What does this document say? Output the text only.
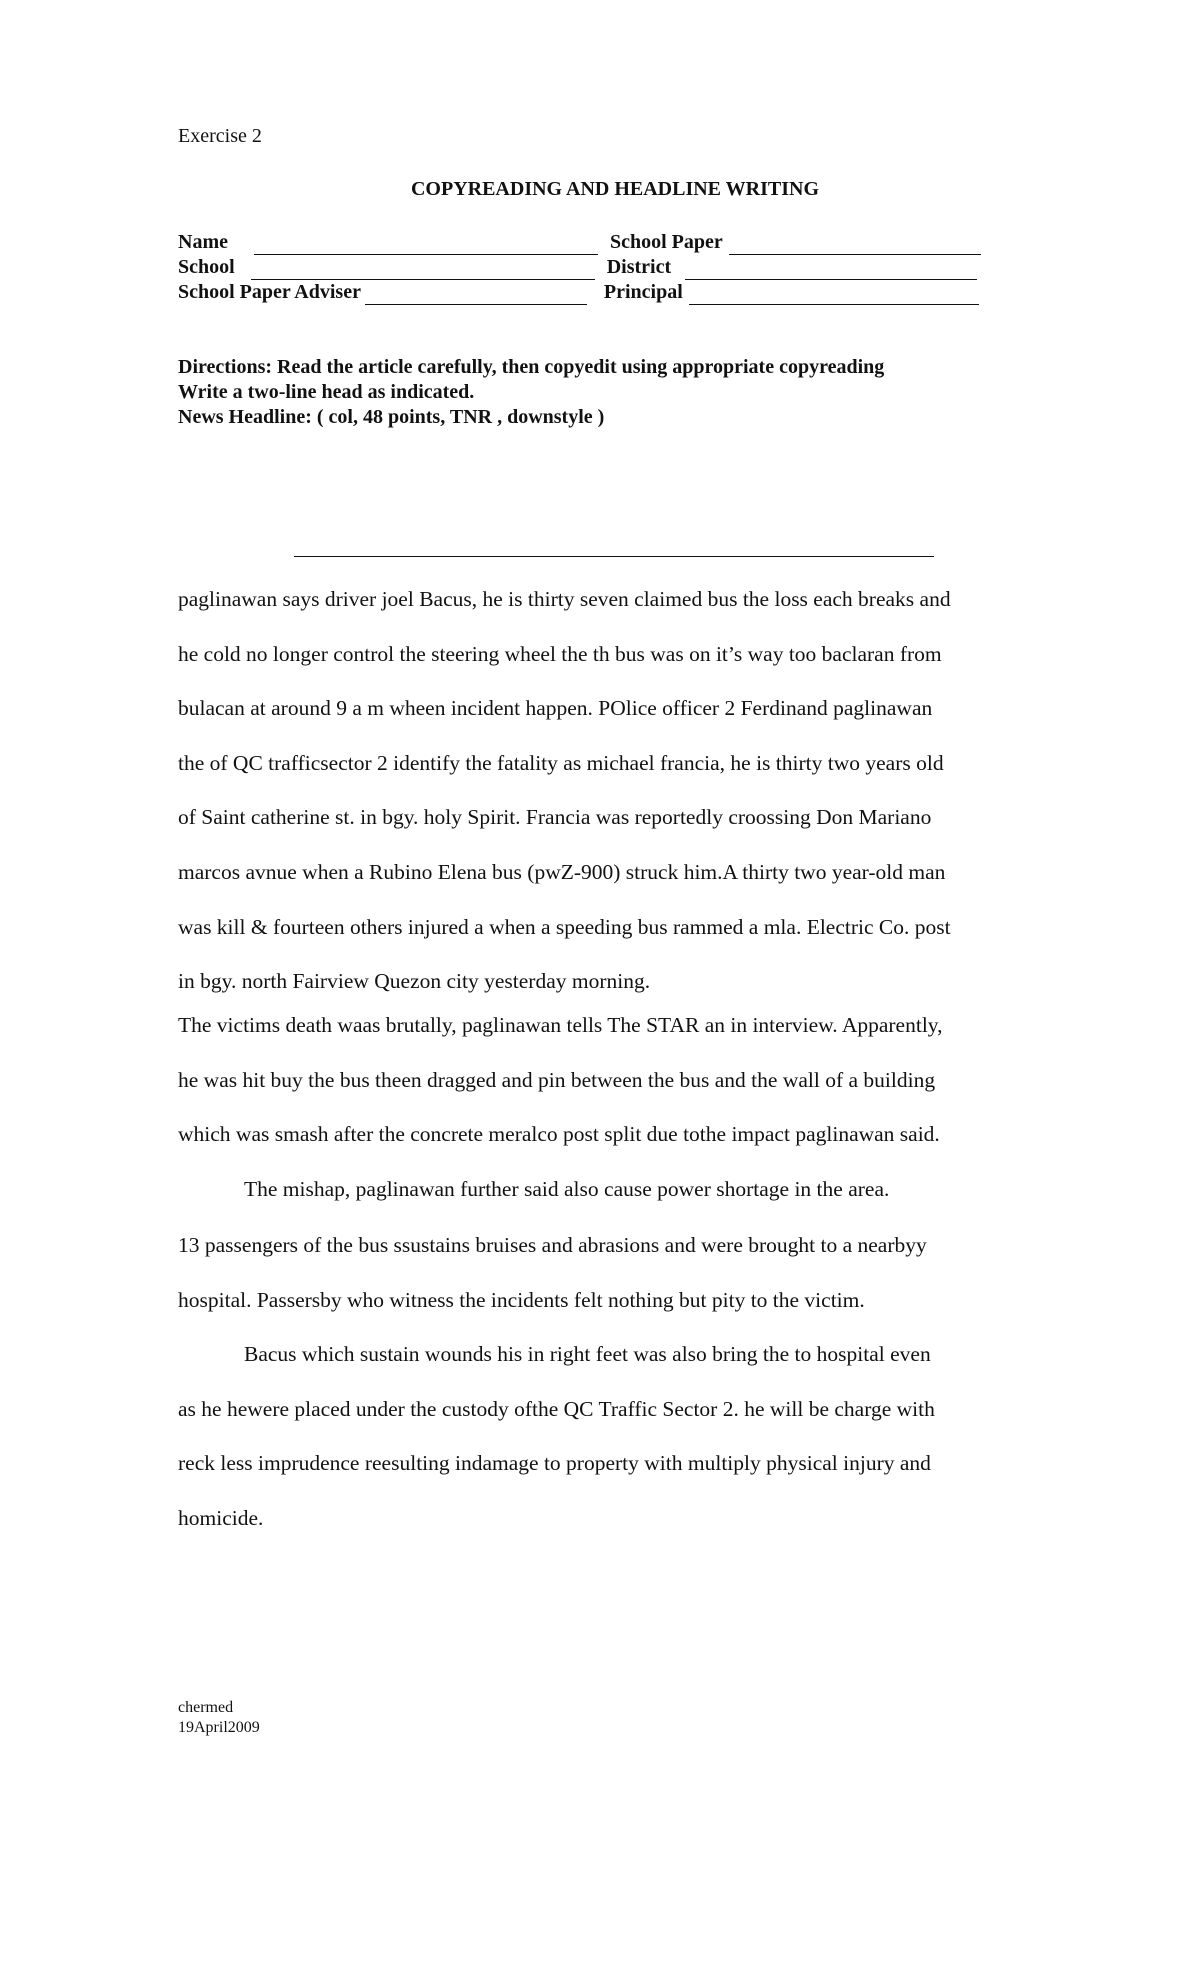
Exercise 2
COPYREADING AND HEADLINE WRITING
Name	School Paper
School	District
School Paper Adviser	Principal
Directions: Read the article carefully, then copyedit using appropriate copyreading
Write a two-line head as indicated.
News Headline: ( col, 48 points, TNR , downstyle )
paglinawan says driver joel Bacus, he is thirty seven claimed bus the loss each breaks and
he cold no longer control the steering wheel the th bus was on it’s way too baclaran from
bulacan at around 9 a m wheen incident happen. POlice officer 2 Ferdinand paglinawan
the of QC trafficsector 2 identify the fatality as michael francia, he is thirty two years old
of Saint catherine st. in bgy. holy Spirit. Francia was reportedly croossing Don Mariano
marcos avnue when a Rubino Elena bus (pwZ-900) struck him.A thirty two year-old man
was kill & fourteen others injured a when a speeding bus rammed a mla. Electric Co. post
in bgy. north Fairview Quezon city yesterday morning.
The victims death waas brutally, paglinawan tells The STAR an in interview. Apparently,
he was hit buy the bus theen dragged and pin between the bus and the wall of a building
which was smash after the concrete meralco post split due tothe impact paglinawan said.
The mishap, paglinawan further said also cause power shortage in the area.
13 passengers of the bus ssustains bruises and abrasions and were brought to a nearbyy
hospital. Passersby who witness the incidents felt nothing but pity to the victim.
Bacus which sustain wounds his in right feet was also bring the to hospital even
as he hewere placed under the custody ofthe QC Traffic Sector 2. he will be charge with
reck less imprudence reesulting indamage to property with multiply physical injury and
homicide.
chermed
19April2009
